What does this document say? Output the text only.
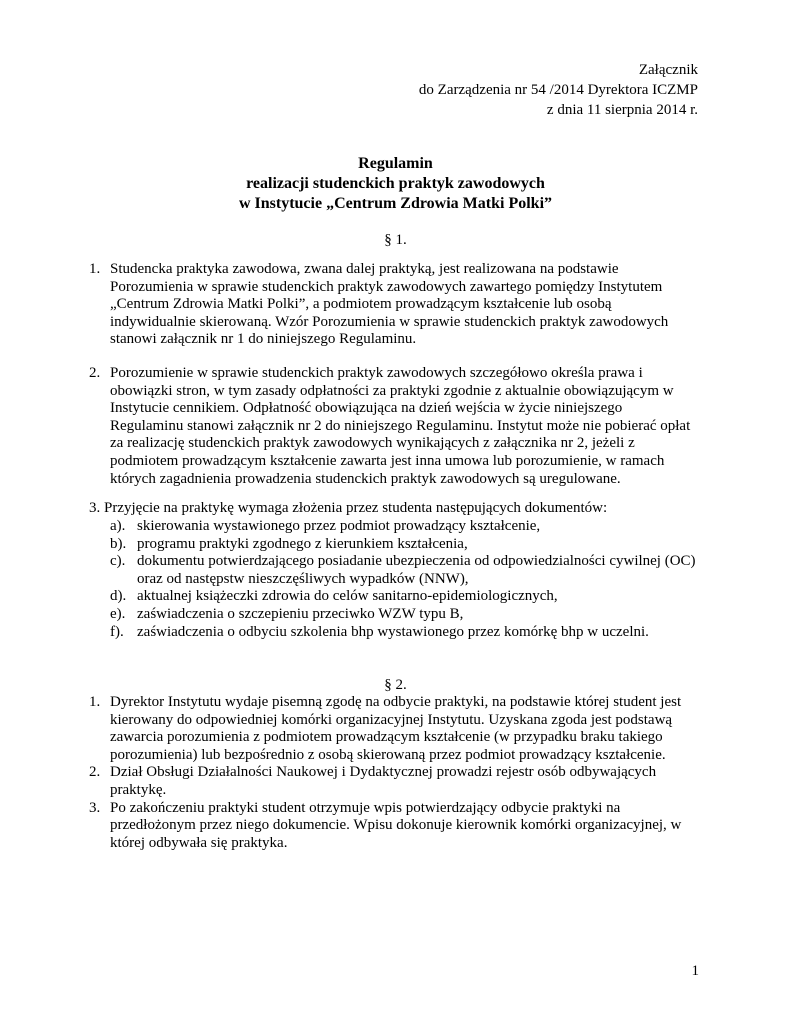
Załącznik
do Zarządzenia nr 54 /2014 Dyrektora ICZMP
z dnia 11 sierpnia 2014 r.
Regulamin
realizacji studenckich praktyk zawodowych
w Instytucie „Centrum Zdrowia Matki Polki”
§ 1.
1. Studencka praktyka zawodowa, zwana dalej praktyką, jest realizowana na podstawie Porozumienia w sprawie studenckich praktyk zawodowych zawartego pomiędzy Instytutem „Centrum Zdrowia Matki Polki”, a podmiotem prowadzącym kształcenie lub osobą indywidualnie skierowaną. Wzór Porozumienia w sprawie studenckich praktyk zawodowych stanowi załącznik nr 1 do niniejszego Regulaminu.
2. Porozumienie w sprawie studenckich praktyk zawodowych szczegółowo określa prawa i obowiązki stron, w tym zasady odpłatności za praktyki zgodnie z aktualnie obowiązującym w Instytucie cennikiem. Odpłatność obowiązująca na dzień wejścia w życie niniejszego Regulaminu stanowi załącznik nr 2 do niniejszego Regulaminu. Instytut może nie pobierać opłat za realizację studenckich praktyk zawodowych wynikających z załącznika nr 2, jeżeli z podmiotem prowadzącym kształcenie zawarta jest inna umowa lub porozumienie, w ramach których zagadnienia prowadzenia studenckich praktyk zawodowych są uregulowane.
3. Przyjęcie na praktykę wymaga złożenia przez studenta następujących dokumentów:
a). skierowania wystawionego przez podmiot prowadzący kształcenie,
b). programu praktyki zgodnego z kierunkiem kształcenia,
c). dokumentu potwierdzającego posiadanie ubezpieczenia od odpowiedzialności cywilnej (OC) oraz od następstw nieszczęśliwych wypadków (NNW),
d). aktualnej książeczki zdrowia do celów sanitarno-epidemiologicznych,
e). zaświadczenia o szczepieniu przeciwko WZW typu B,
f). zaświadczenia o odbyciu szkolenia bhp wystawionego przez komórkę bhp w uczelni.
§ 2.
1. Dyrektor Instytutu wydaje pisemną zgodę na odbycie praktyki, na podstawie której student jest kierowany do odpowiedniej komórki organizacyjnej Instytutu. Uzyskana zgoda jest podstawą zawarcia porozumienia z podmiotem prowadzącym kształcenie (w przypadku braku takiego porozumienia) lub bezpośrednio z osobą skierowaną przez podmiot prowadzący kształcenie.
2. Dział Obsługi Działalności Naukowej i Dydaktycznej prowadzi rejestr osób odbywających praktykę.
3. Po zakończeniu praktyki student otrzymuje wpis potwierdzający odbycie praktyki na przedłożonym przez niego dokumencie. Wpisu dokonuje kierownik komórki organizacyjnej, w której odbywała się praktyka.
1
